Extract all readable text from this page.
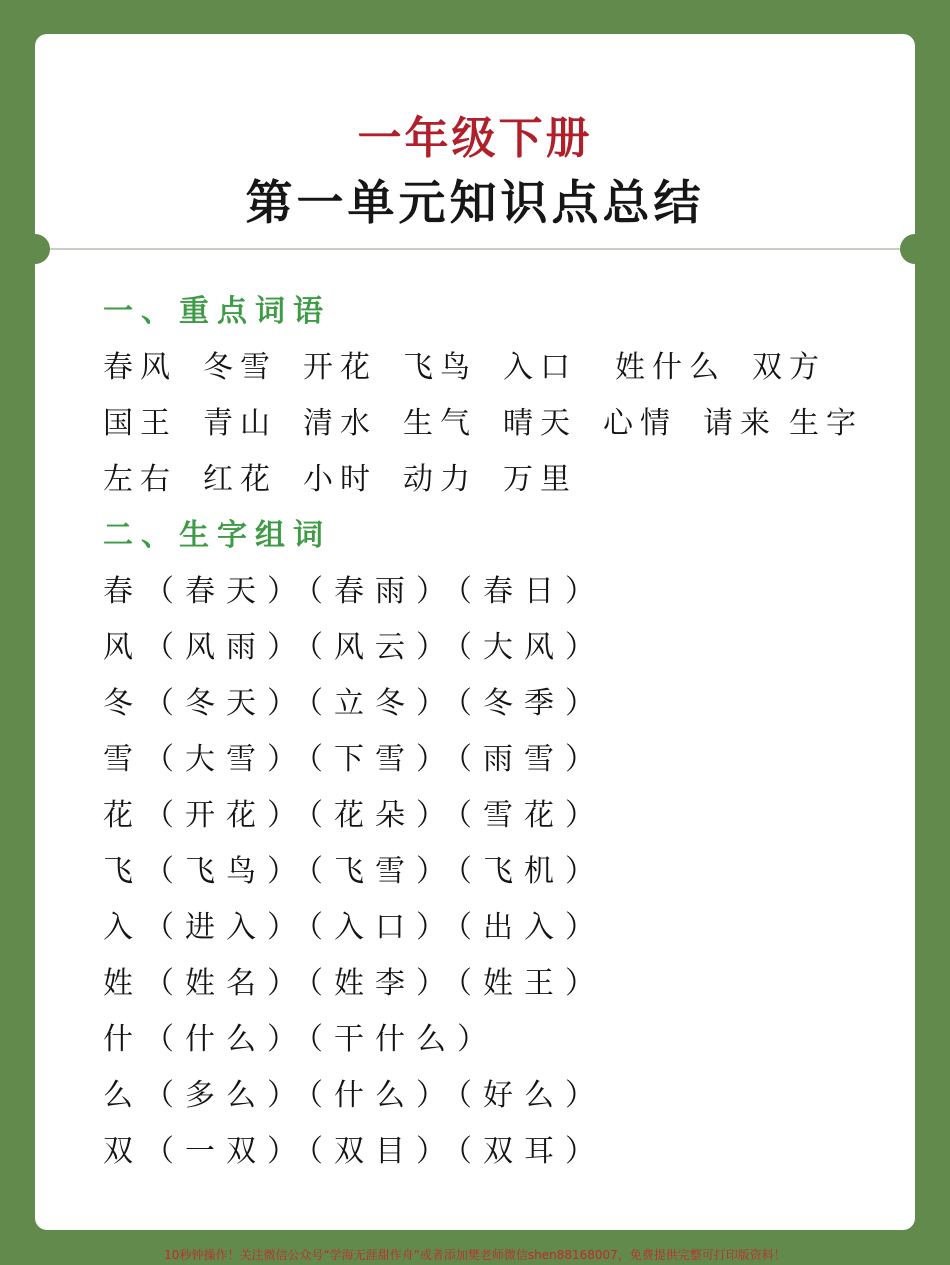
一年级下册
第一单元知识点总结
一、重点词语
春风 冬雪 开花 飞鸟 入口 姓什么 双方
国王 青山 清水 生气 晴天 心情 请来 生字
左右 红花 小时 动力 万里
二、生字组词
春（春天）（春雨）（春日）
风（风雨）（风云）（大风）
冬（冬天）（立冬）（冬季）
雪（大雪）（下雪）（雨雪）
花（开花）（花朵）（雪花）
飞（飞鸟）（飞雪）（飞机）
入（进入）（入口）（出入）
姓（姓名）（姓李）（姓王）
什（什么）（干什么）
么（多么）（什么）（好么）
双（一双）（双目）（双耳）
10秒钟操作！关注微信公众号“学海无涯甜作舟”或者添加樊老师微信shen88168007，免费提供完整可打印版资料！
